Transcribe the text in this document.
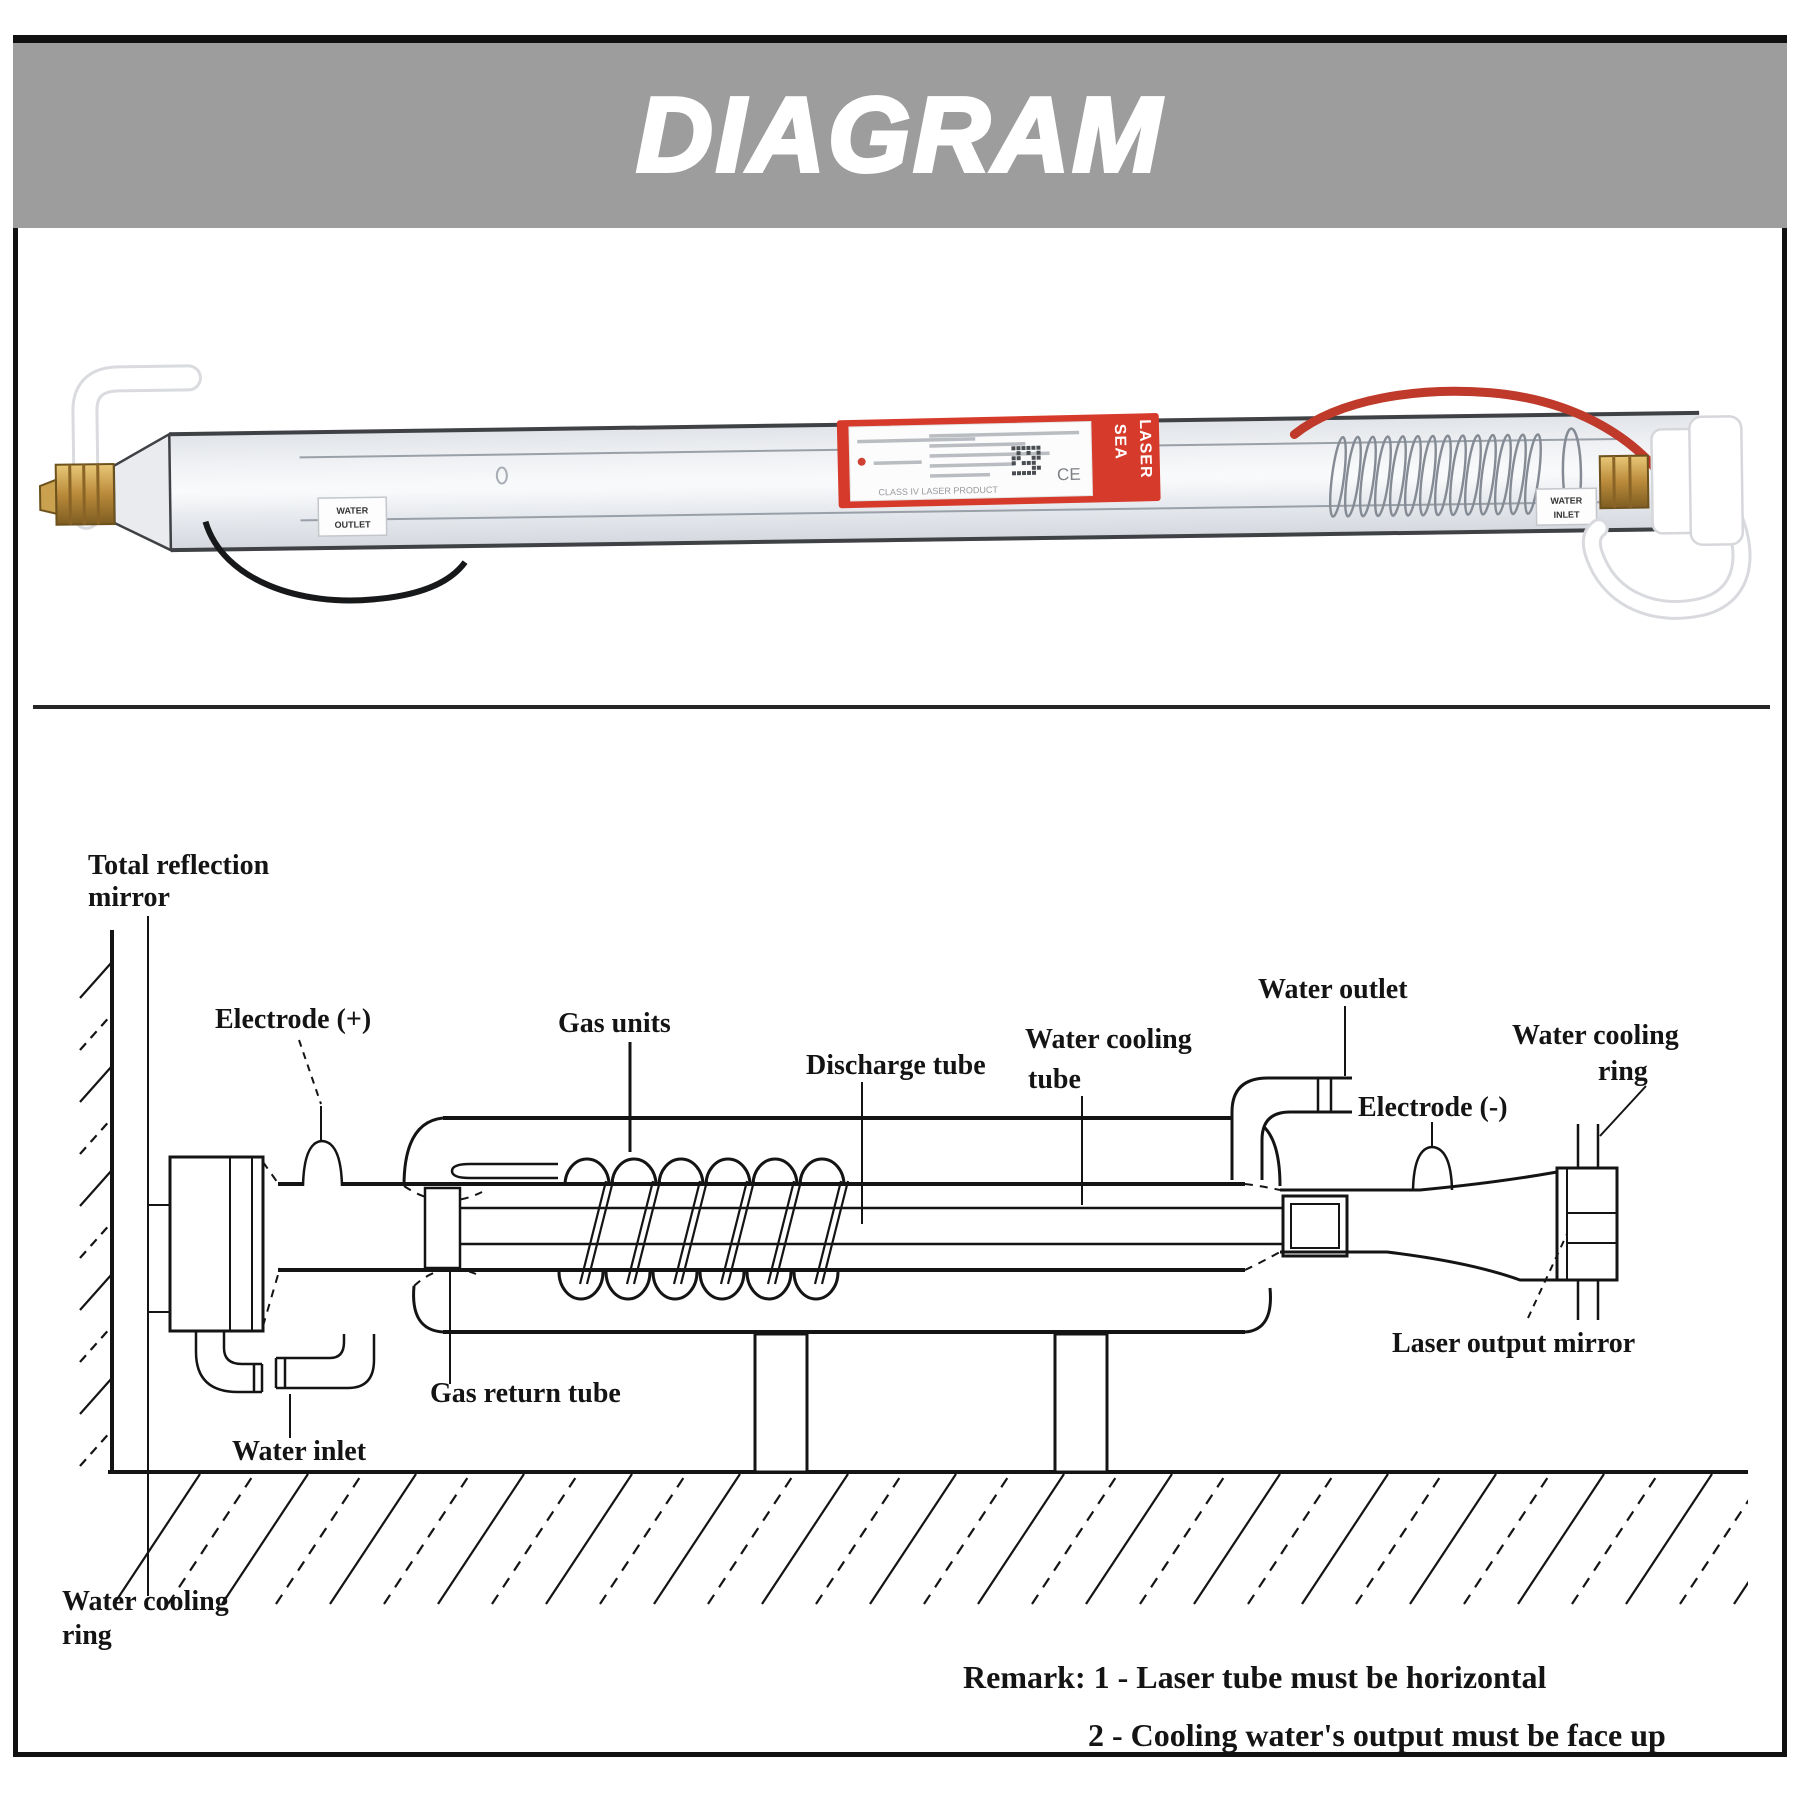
DIAGRAM
WATER
OUTLET
CE
CLASS IV LASER PRODUCT
SEA LASER
WATER
INLET
Total reflection
mirror
Electrode (+)	Gas units
Discharge tube
Water cooling
tube
Water outlet
Electrode (-)
Water cooling
ring
Laser output mirror
Gas return tube
Water inlet
Water cooling
ring
Remark: 1 - Laser tube must be horizontal
2 - Cooling water's output must be face up
